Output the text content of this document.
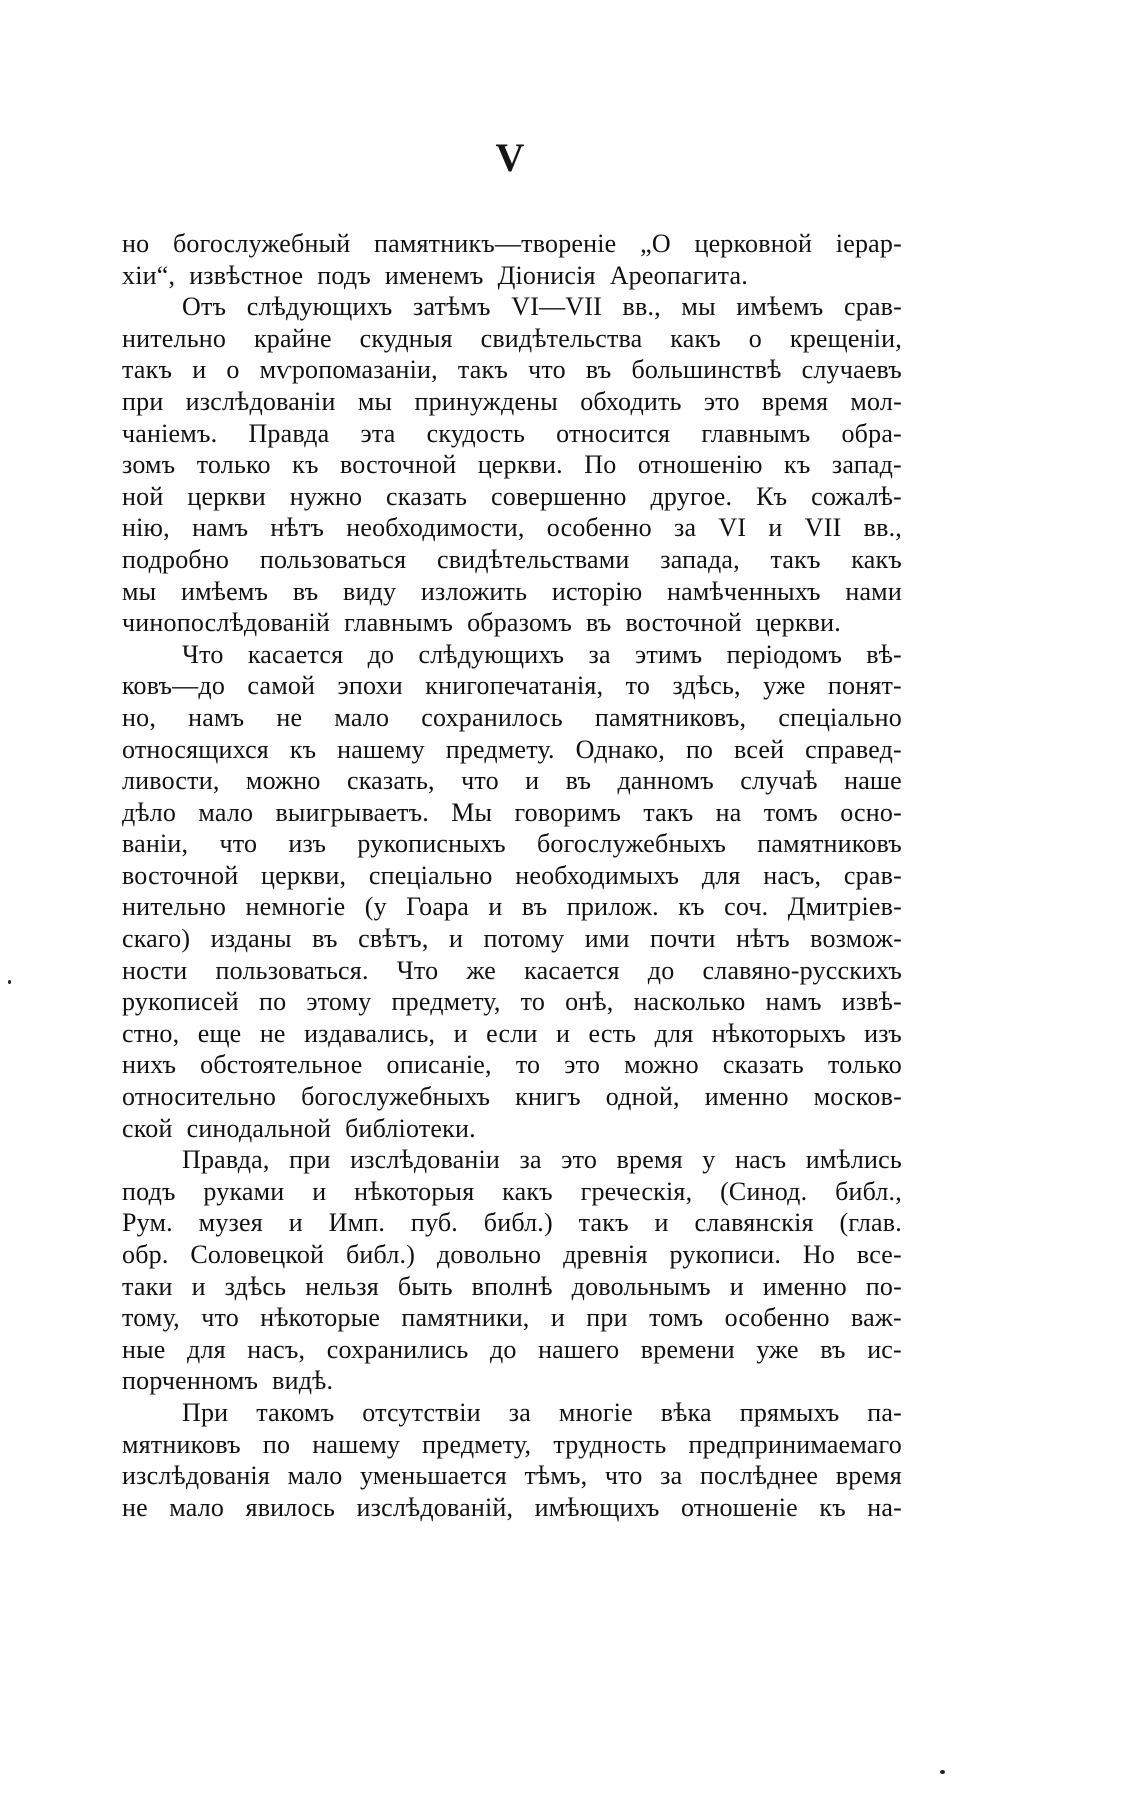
V
но богослужебный памятникъ—твореніе „О церковной iерар-
хіи“, извѣстное подъ именемъ Діонисія Ареопагита.
Отъ слѣдующихъ затѣмъ VI—VII вв., мы имѣемъ срав-
нительно крайне скудныя свидѣтельства какъ о крещеніи,
такъ и о мѵропомазаніи, такъ что въ большинствѣ случаевъ
при изслѣдованіи мы принуждены обходить это время мол-
чаніемъ. Правда эта скудость относится главнымъ обра-
зомъ только къ восточной церкви. По отношенію къ запад-
ной церкви нужно сказать совершенно другое. Къ сожалѣ-
нію, намъ нѣтъ необходимости, особенно за VI и VII вв.,
подробно пользоваться свидѣтельствами запада, такъ какъ
мы имѣемъ въ виду изложить исторію намѣченныхъ нами
чинопослѣдованій главнымъ образомъ въ восточной церкви.
Что касается до слѣдующихъ за этимъ періодомъ вѣ-
ковъ—до самой эпохи книгопечатанія, то здѣсь, уже понят-
но, намъ не мало сохранилось памятниковъ, спеціально
относящихся къ нашему предмету. Однако, по всей справед-
ливости, можно сказать, что и въ данномъ случаѣ наше
дѣло мало выигрываетъ. Мы говоримъ такъ на томъ осно-
ваніи, что изъ рукописныхъ богослужебныхъ памятниковъ
восточной церкви, спеціально необходимыхъ для насъ, срав-
нительно немногіе (у Гоара и въ прилож. къ соч. Дмитріев-
скаго) изданы въ свѣтъ, и потому ими почти нѣтъ возмож-
ности пользоваться. Что же касается до славяно-русскихъ
рукописей по этому предмету, то онѣ, насколько намъ извѣ-
стно, еще не издавались, и если и есть для нѣкоторыхъ изъ
нихъ обстоятельное описаніе, то это можно сказать только
относительно богослужебныхъ книгъ одной, именно москов-
ской синодальной библіотеки.
Правда, при изслѣдованіи за это время у насъ имѣлись
подъ руками и нѣкоторыя какъ греческія, (Синод. библ.,
Рум. музея и Имп. пуб. библ.) такъ и славянскія (глав.
обр. Соловецкой библ.) довольно древнія рукописи. Но все-
таки и здѣсь нельзя быть вполнѣ довольнымъ и именно по-
тому, что нѣкоторые памятники, и при томъ особенно важ-
ные для насъ, сохранились до нашего времени уже въ ис-
порченномъ видѣ.
При такомъ отсутствіи за многіе вѣка прямыхъ па-
мятниковъ по нашему предмету, трудность предпринимаемаго
изслѣдованія мало уменьшается тѣмъ, что за послѣднее время
не мало явилось изслѣдованій, имѣющихъ отношеніе къ на-
